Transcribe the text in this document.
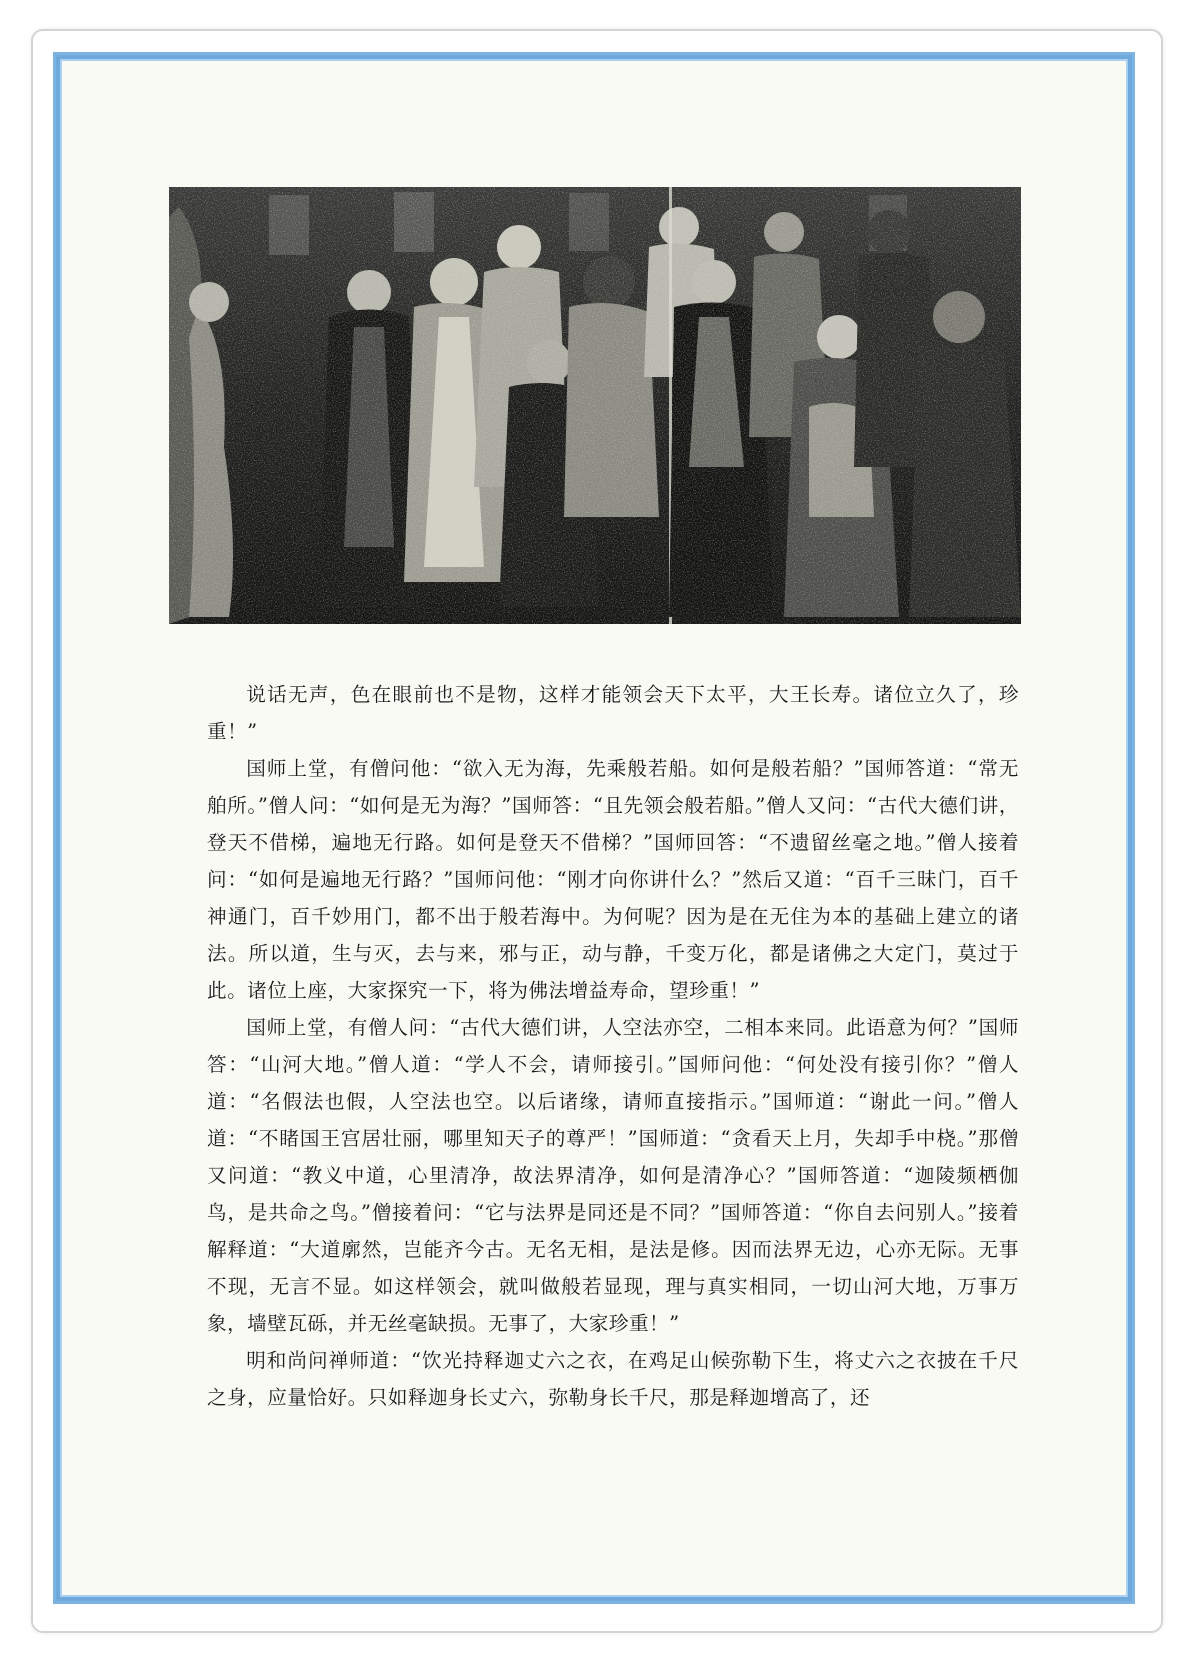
说话无声，色在眼前也不是物，这样才能领会天下太平，大王长寿。诸位立久了，珍重！”

国师上堂，有僧问他：“欲入无为海，先乘般若船。如何是般若船？”国师答道：“常无舶所。”僧人问：“如何是无为海？”国师答：“且先领会般若船。”僧人又问：“古代大德们讲，登天不借梯，遍地无行路。如何是登天不借梯？”国师回答：“不遗留丝毫之地。”僧人接着问：“如何是遍地无行路？”国师问他：“刚才向你讲什么？”然后又道：“百千三昧门，百千神通门，百千妙用门，都不出于般若海中。为何呢？因为是在无住为本的基础上建立的诸法。所以道，生与灭，去与来，邪与正，动与静，千变万化，都是诸佛之大定门，莫过于此。诸位上座，大家探究一下，将为佛法增益寿命，望珍重！”

国师上堂，有僧人问：“古代大德们讲，人空法亦空，二相本来同。此语意为何？”国师答：“山河大地。”僧人道：“学人不会，请师接引。”国师问他：“何处没有接引你？”僧人道：“名假法也假，人空法也空。以后诸缘，请师直接指示。”国师道：“谢此一问。”僧人道：“不睹国王宫居壮丽，哪里知天子的尊严！”国师道：“贪看天上月，失却手中桡。”那僧又问道：“教义中道，心里清净，故法界清净，如何是清净心？”国师答道：“迦陵频栖伽鸟，是共命之鸟。”僧接着问：“它与法界是同还是不同？”国师答道：“你自去问别人。”接着解释道：“大道廓然，岂能齐今古。无名无相，是法是修。因而法界无边，心亦无际。无事不现，无言不显。如这样领会，就叫做般若显现，理与真实相同，一切山河大地，万事万象，墙壁瓦砾，并无丝毫缺损。无事了，大家珍重！”

明和尚问禅师道：“饮光持释迦丈六之衣，在鸡足山候弥勒下生，将丈六之衣披在千尺之身，应量恰好。只如释迦身长丈六，弥勒身长千尺，那是释迦增高了，还
